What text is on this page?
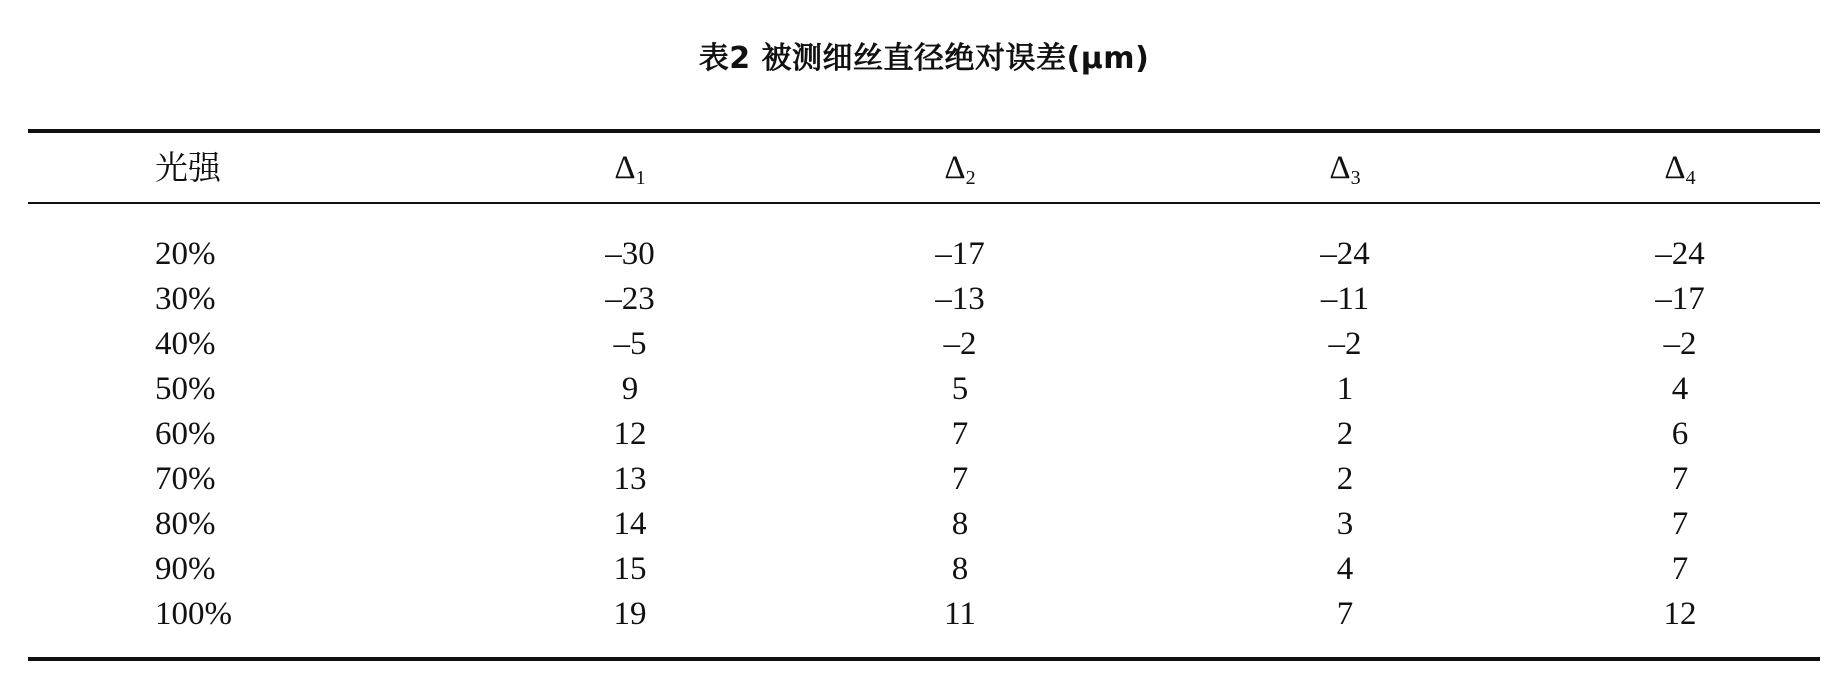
表2 被测细丝直径绝对误差(μm)
光强	$\Delta_1$	$\Delta_2$	$\Delta_3$	$\Delta_4$
20%	–30	–17	–24	–24
30%	–23	–13	–11	–17
40%	–5	–2	–2	–2
50%	9	5	1	4
60%	12	7	2	6
70%	13	7	2	7
80%	14	8	3	7
90%	15	8	4	7
100%	19	11	7	12
